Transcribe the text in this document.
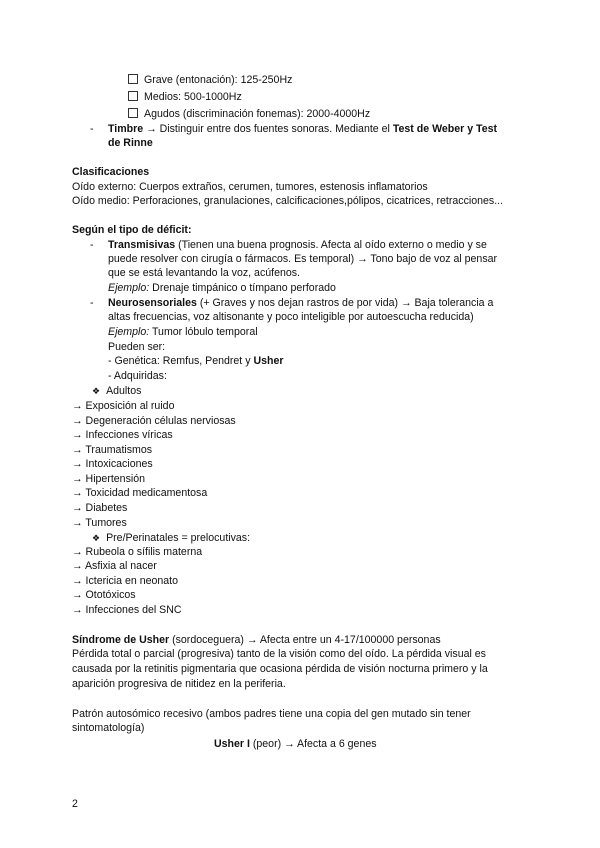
Grave (entonación): 125-250Hz
Medios: 500-1000Hz
Agudos (discriminación fonemas): 2000-4000Hz
- Timbre → Distinguir entre dos fuentes sonoras. Mediante el Test de Weber y Test
de Rinne
Clasificaciones
Oído externo: Cuerpos extraños, cerumen, tumores, estenosis inflamatorios
Oído medio: Perforaciones, granulaciones, calcificaciones,pólipos, cicatrices, retracciones...
Según el tipo de déficit:
- Transmisivas (Tienen una buena prognosis. Afecta al oído externo o medio y se
puede resolver con cirugía o fármacos. Es temporal) → Tono bajo de voz al pensar
que se está levantando la voz, acúfenos.
Ejemplo: Drenaje timpánico o tímpano perforado
- Neurosensoriales (+ Graves y nos dejan rastros de por vida) → Baja tolerancia a
altas frecuencias, voz altisonante y poco inteligible por autoescucha reducida)
Ejemplo: Tumor lóbulo temporal
Pueden ser:
- Genética: Remfus, Pendret y Usher
- Adquiridas:
❖ Adultos
→ Exposición al ruido
→ Degeneración células nerviosas
→ Infecciones víricas
→ Traumatismos
→ Intoxicaciones
→ Hipertensión
→ Toxicidad medicamentosa
→ Diabetes
→ Tumores
❖ Pre/Perinatales = prelocutivas:
→ Rubeola o sífilis materna
→ Asfixia al nacer
→ Ictericia en neonato
→ Ototóxicos
→ Infecciones del SNC
Síndrome de Usher (sordoceguera) → Afecta entre un 4-17/100000 personas
Pérdida total o parcial (progresiva) tanto de la visión como del oído. La pérdida visual es
causada por la retinitis pigmentaria que ocasiona pérdida de visión nocturna primero y la
aparición progresiva de nitidez en la periferia.
Patrón autosómico recesivo (ambos padres tiene una copia del gen mutado sin tener
sintomatología)
Usher I (peor) → Afecta a 6 genes
2
